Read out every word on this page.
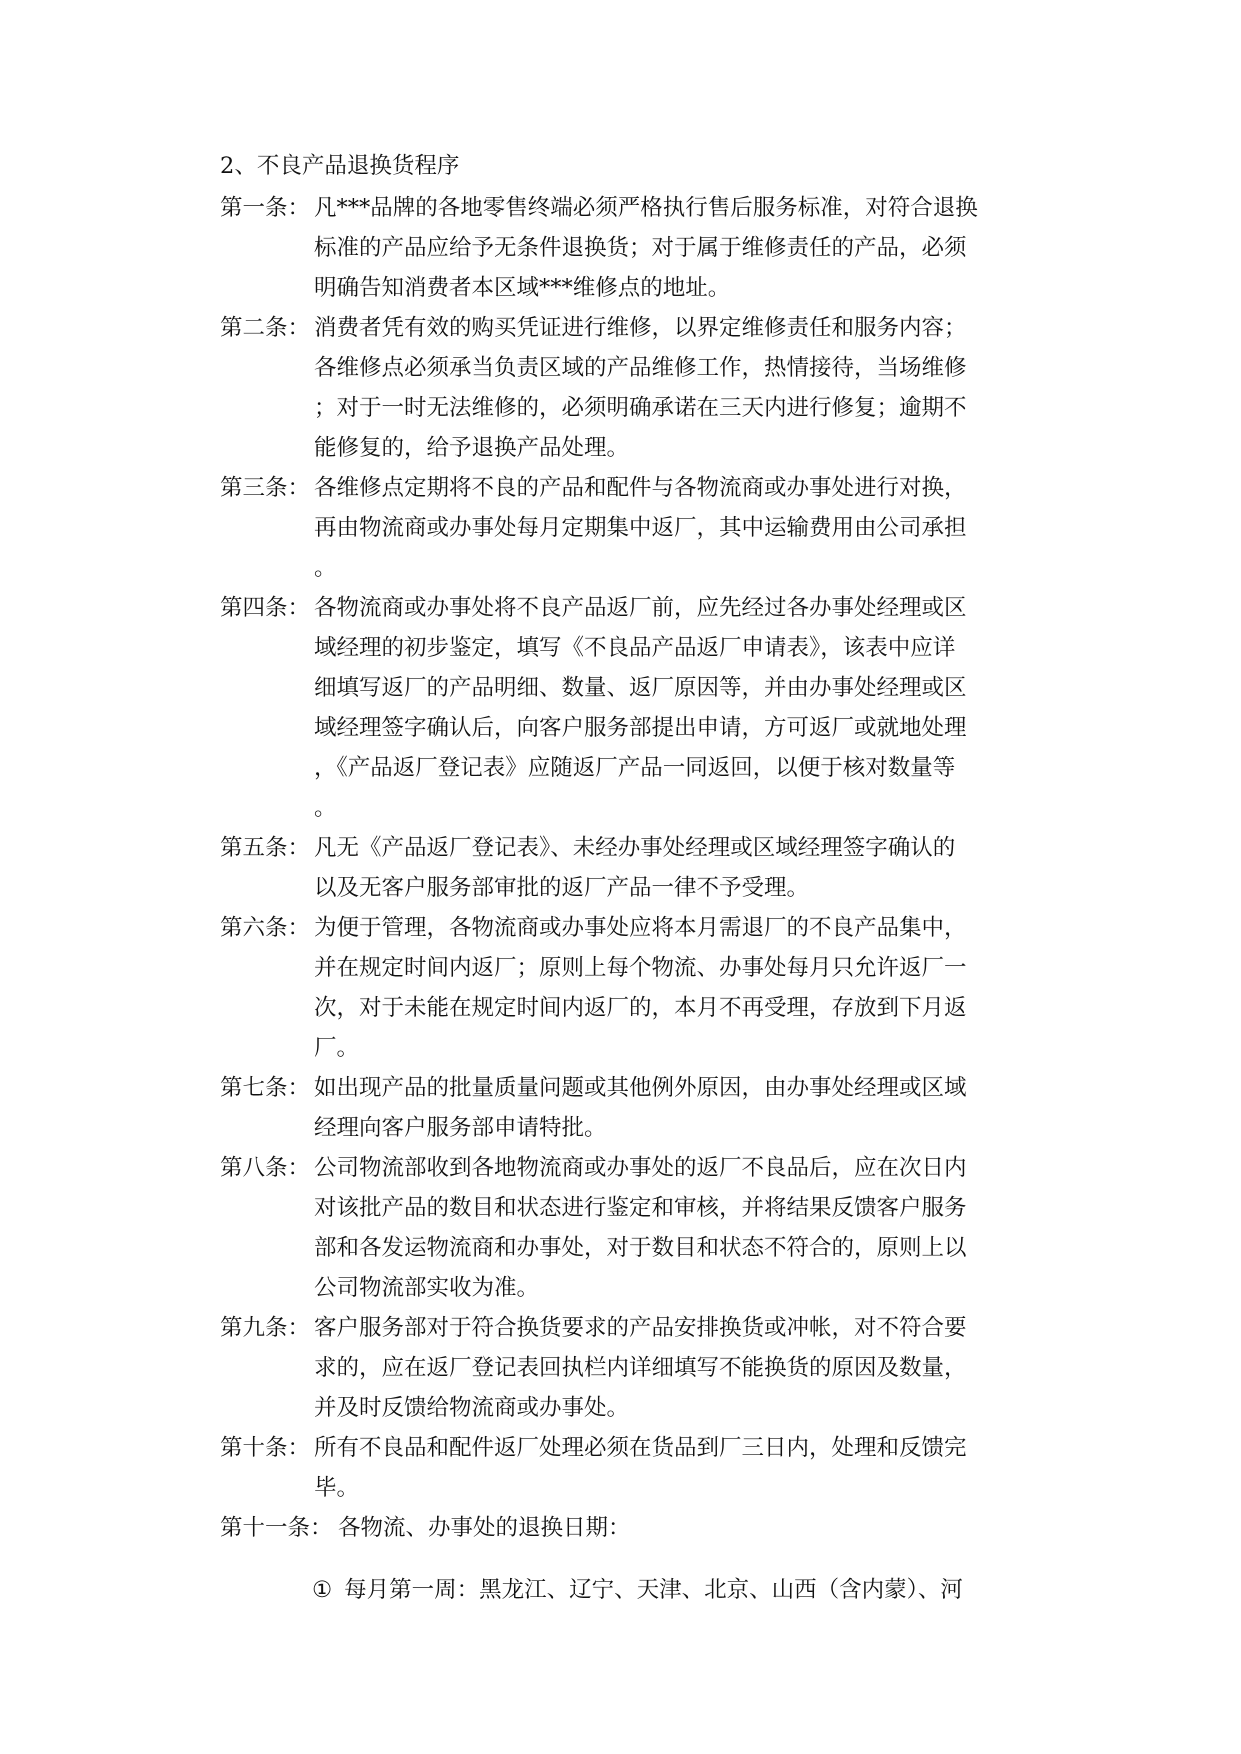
2、不良产品退换货程序
第一条： 凡***品牌的各地零售终端必须严格执行售后服务标准，对符合退换
标准的产品应给予无条件退换货；对于属于维修责任的产品，必须
明确告知消费者本区域***维修点的地址。
第二条： 消费者凭有效的购买凭证进行维修，以界定维修责任和服务内容；
各维修点必须承当负责区域的产品维修工作，热情接待，当场维修
；对于一时无法维修的，必须明确承诺在三天内进行修复；逾期不
能修复的，给予退换产品处理。
第三条： 各维修点定期将不良的产品和配件与各物流商或办事处进行对换，
再由物流商或办事处每月定期集中返厂，其中运输费用由公司承担
。
第四条： 各物流商或办事处将不良产品返厂前，应先经过各办事处经理或区
域经理的初步鉴定，填写《不良品产品返厂申请表》，该表中应详
细填写返厂的产品明细、数量、返厂原因等，并由办事处经理或区
域经理签字确认后，向客户服务部提出申请，方可返厂或就地处理
，《产品返厂登记表》应随返厂产品一同返回，以便于核对数量等
。
第五条： 凡无《产品返厂登记表》、未经办事处经理或区域经理签字确认的
以及无客户服务部审批的返厂产品一律不予受理。
第六条： 为便于管理，各物流商或办事处应将本月需退厂的不良产品集中，
并在规定时间内返厂；原则上每个物流、办事处每月只允许返厂一
次，对于未能在规定时间内返厂的，本月不再受理，存放到下月返
厂。
第七条： 如出现产品的批量质量问题或其他例外原因，由办事处经理或区域
经理向客户服务部申请特批。
第八条： 公司物流部收到各地物流商或办事处的返厂不良品后，应在次日内
对该批产品的数目和状态进行鉴定和审核，并将结果反馈客户服务
部和各发运物流商和办事处，对于数目和状态不符合的，原则上以
公司物流部实收为准。
第九条： 客户服务部对于符合换货要求的产品安排换货或冲帐，对不符合要
求的，应在返厂登记表回执栏内详细填写不能换货的原因及数量，
并及时反馈给物流商或办事处。
第十条： 所有不良品和配件返厂处理必须在货品到厂三日内，处理和反馈完
毕。
第十一条： 各物流、办事处的退换日期：
① 每月第一周：黑龙江、辽宁、天津、北京、山西（含内蒙）、河
